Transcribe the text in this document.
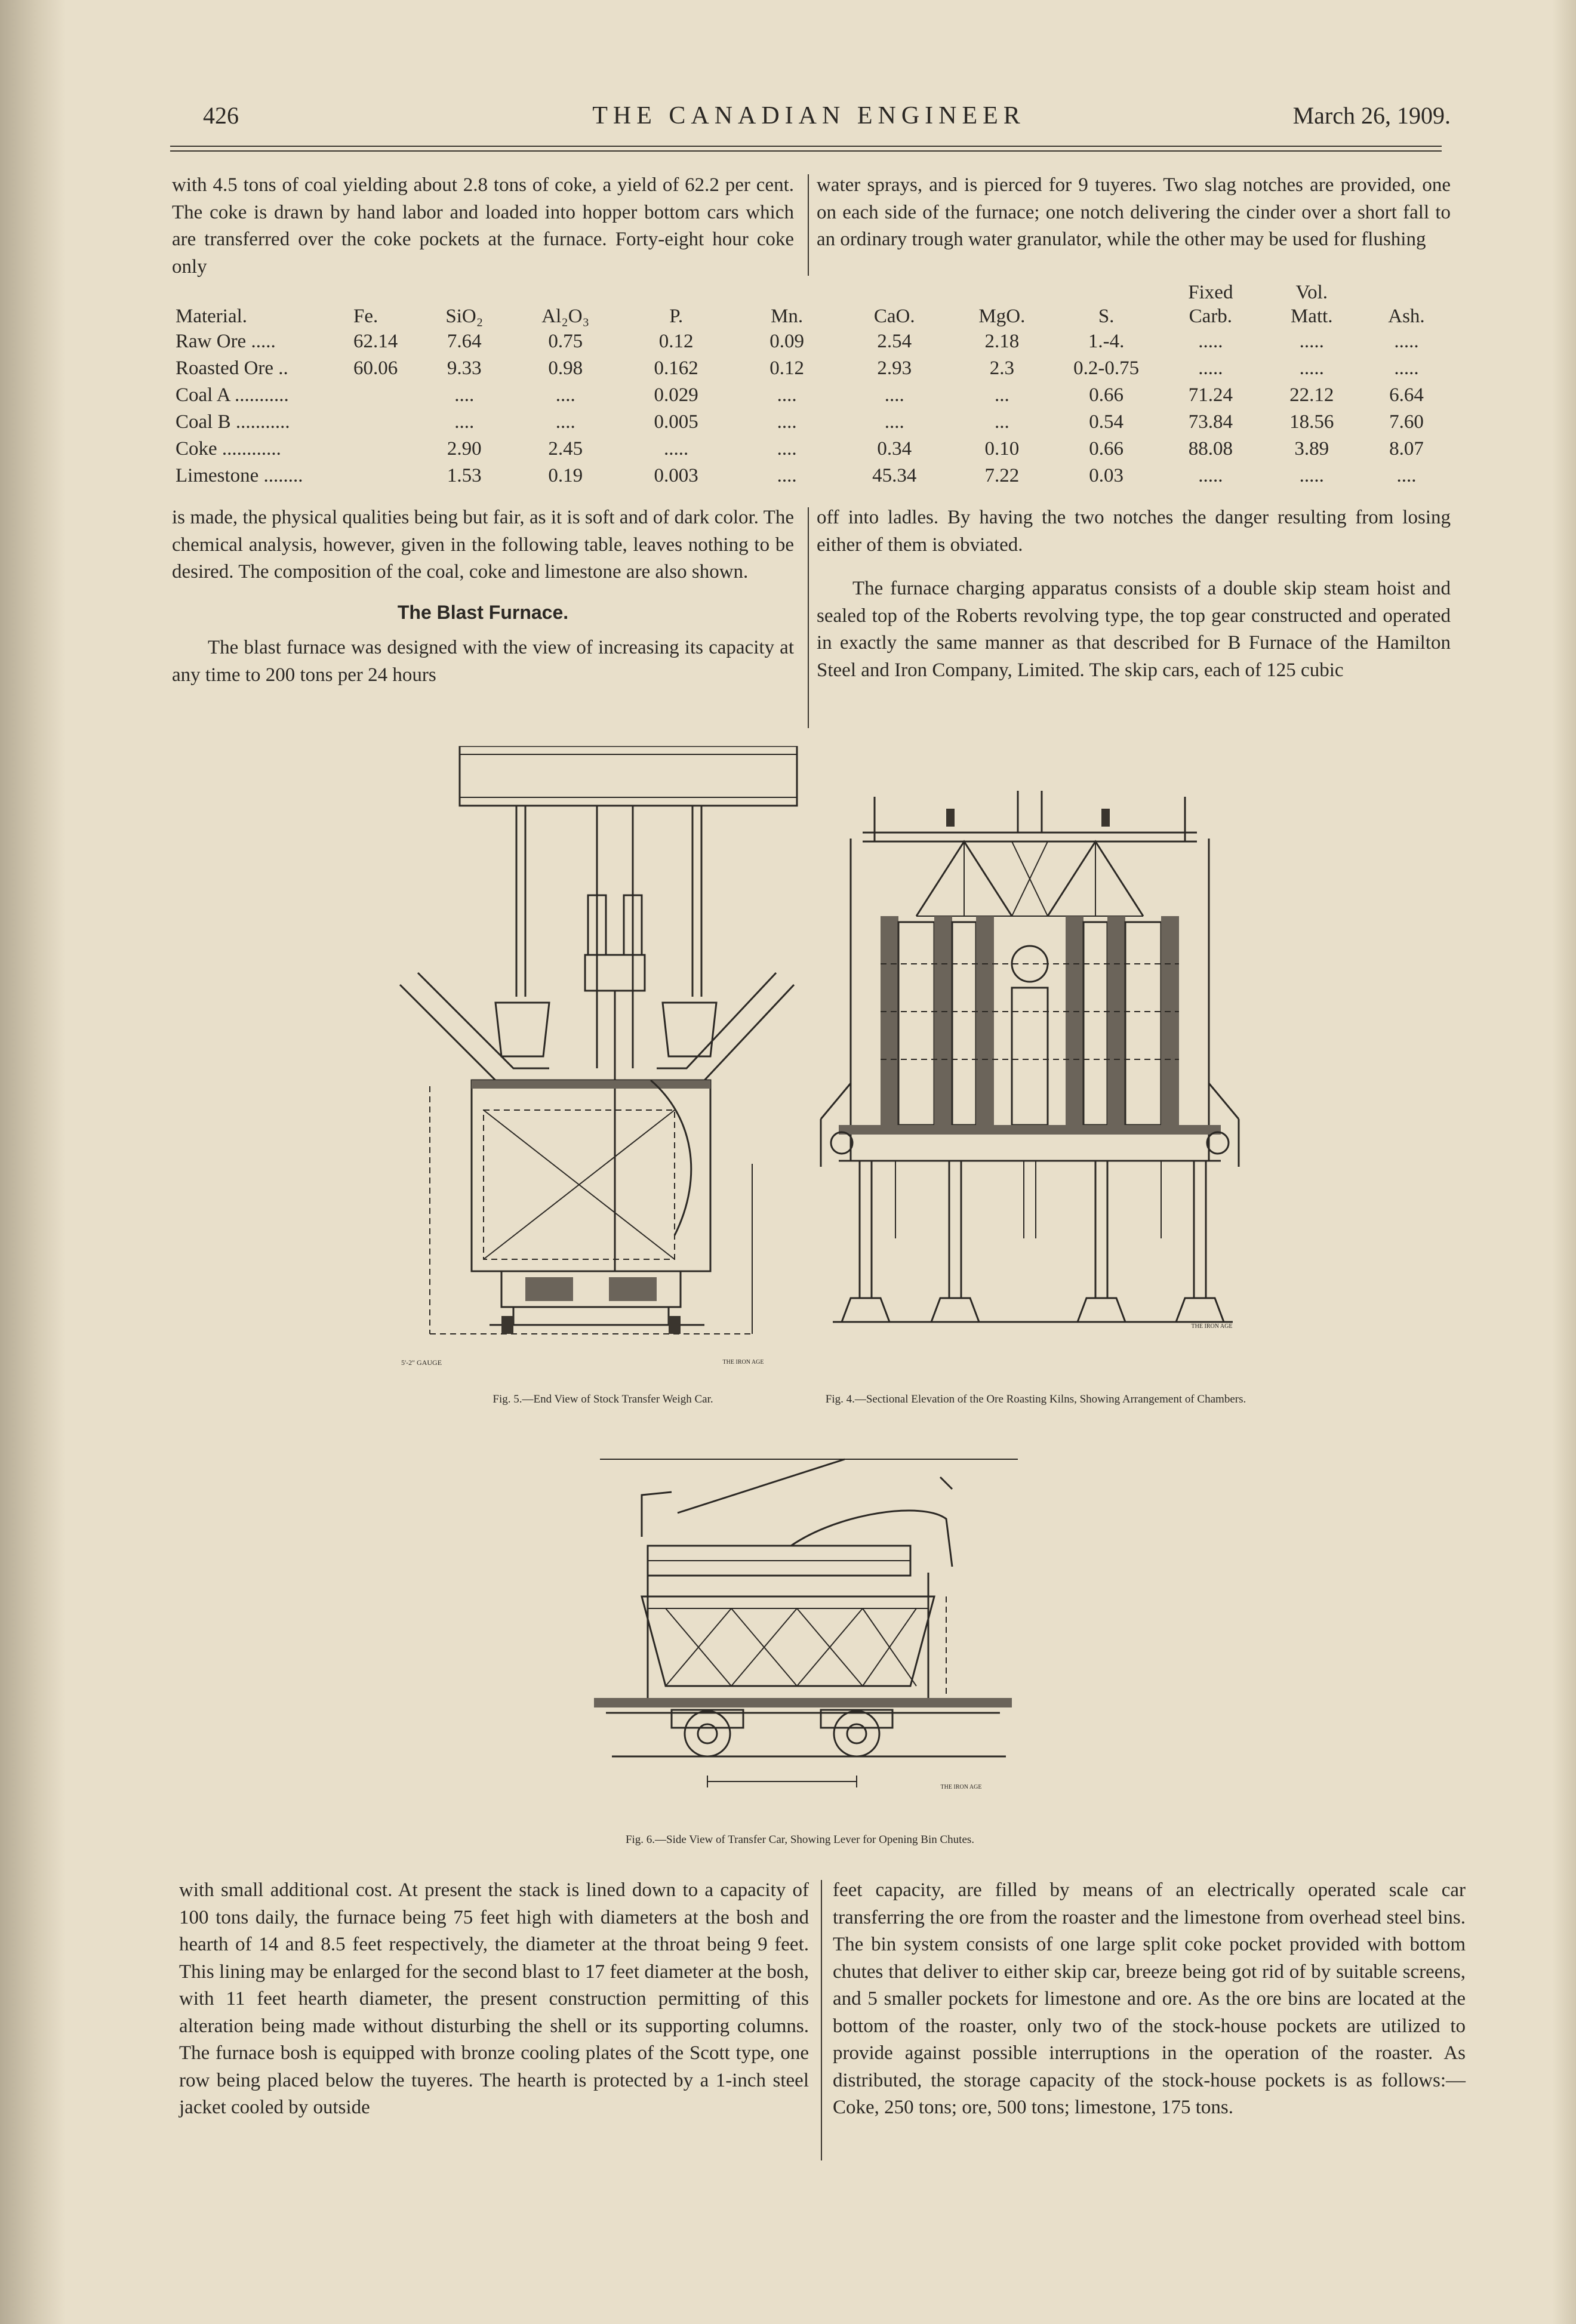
426	THE CANADIAN ENGINEER	March 26, 1909.

with 4.5 tons of coal yielding about 2.8 tons of coke, a yield of 62.2 per cent. The coke is drawn by hand labor and loaded into hopper bottom cars which are transferred over the coke pockets at the furnace. Forty-eight hour coke only

water sprays, and is pierced for 9 tuyeres. Two slag notches are provided, one on each side of the furnace; one notch delivering the cinder over a short fall to an ordinary trough water granulator, while the other may be used for flushing

									Fixed	Vol.	
Material.	Fe.	SiO₂	Al₂O₃	P.	Mn.	CaO.	MgO.	S.	Carb.	Matt.	Ash.
Raw Ore .....	62.14	7.64	0.75	0.12	0.09	2.54	2.18	1.-4.	.....	.....	.....
Roasted Ore ..	60.06	9.33	0.98	0.162	0.12	2.93	2.3	0.2-0.75	.....	.....	.....
Coal A ...........		....	....	0.029	....	....	...	0.66	71.24	22.12	6.64
Coal B ...........		....	....	0.005	....	....	...	0.54	73.84	18.56	7.60
Coke ............		2.90	2.45	.....	....	0.34	0.10	0.66	88.08	3.89	8.07
Limestone ........		1.53	0.19	0.003	....	45.34	7.22	0.03	.....	.....	....

is made, the physical qualities being but fair, as it is soft and of dark color. The chemical analysis, however, given in the following table, leaves nothing to be desired. The composition of the coal, coke and limestone are also shown.

The Blast Furnace.

The blast furnace was designed with the view of increasing its capacity at any time to 200 tons per 24 hours

off into ladles. By having the two notches the danger resulting from losing either of them is obviated.

The furnace charging apparatus consists of a double skip steam hoist and sealed top of the Roberts revolving type, the top gear constructed and operated in exactly the same manner as that described for B Furnace of the Hamilton Steel and Iron Company, Limited. The skip cars, each of 125 cubic

5'-2" GAUGE	THE IRON AGE
Fig. 5.—End View of Stock Transfer Weigh Car.
THE IRON AGE
Fig. 4.—Sectional Elevation of the Ore Roasting Kilns, Showing Arrangement of Chambers.
THE IRON AGE
Fig. 6.—Side View of Transfer Car, Showing Lever for Opening Bin Chutes.

with small additional cost. At present the stack is lined down to a capacity of 100 tons daily, the furnace being 75 feet high with diameters at the bosh and hearth of 14 and 8.5 feet respectively, the diameter at the throat being 9 feet. This lining may be enlarged for the second blast to 17 feet diameter at the bosh, with 11 feet hearth diameter, the present construction permitting of this alteration being made without disturbing the shell or its supporting columns. The furnace bosh is equipped with bronze cooling plates of the Scott type, one row being placed below the tuyeres. The hearth is protected by a 1-inch steel jacket cooled by outside

feet capacity, are filled by means of an electrically operated scale car transferring the ore from the roaster and the limestone from overhead steel bins. The bin system consists of one large split coke pocket provided with bottom chutes that deliver to either skip car, breeze being got rid of by suitable screens, and 5 smaller pockets for limestone and ore. As the ore bins are located at the bottom of the roaster, only two of the stock-house pockets are utilized to provide against possible interruptions in the operation of the roaster. As distributed, the storage capacity of the stock-house pockets is as follows:—Coke, 250 tons; ore, 500 tons; limestone, 175 tons.
